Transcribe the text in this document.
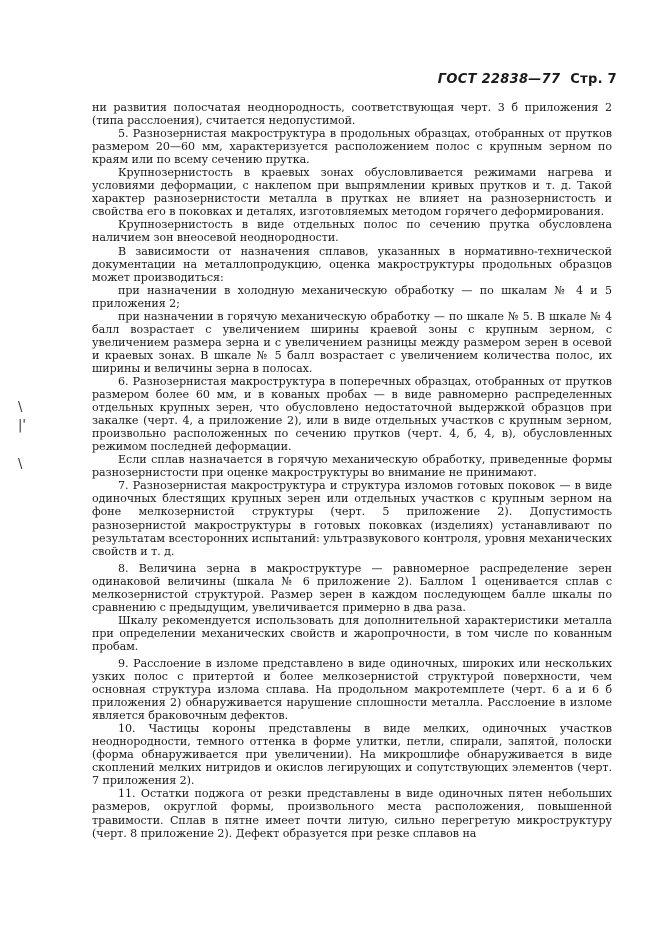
ГОСТ 22838—77 Стр. 7
\
|'
\

ни развития полосчатая неоднородность, соответствующая черт. 3 б приложения 2 (типа расслоения), считается недопустимой.

5. Разнозернистая макроструктура в продольных образцах, отобранных от прутков размером 20—60 мм, характеризуется расположением полос с крупным зерном по краям или по всему сечению прутка.

Крупнозернистость в краевых зонах обусловливается режимами нагрева и условиями деформации, с наклепом при выпрямлении кривых прутков и т. д. Такой характер разнозернистости металла в прутках не влияет на разнозернистость и свойства его в поковках и деталях, изготовляемых методом горячего деформирования.

Крупнозернистость в виде отдельных полос по сечению прутка обусловлена наличием зон внеосевой неоднородности.

В зависимости от назначения сплавов, указанных в нормативно-технической документации на металлопродукцию, оценка макроструктуры продольных образцов может производиться:

при назначении в холодную механическую обработку — по шкалам № 4 и 5 приложения 2;

при назначении в горячую механическую обработку — по шкале № 5. В шкале № 4 балл возрастает с увеличением ширины краевой зоны с крупным зерном, с увеличением размера зерна и с увеличением разницы между размером зерен в осевой и краевых зонах. В шкале № 5 балл возрастает с увеличением количества полос, их ширины и величины зерна в полосах.

6. Разнозернистая макроструктура в поперечных образцах, отобранных от прутков размером более 60 мм, и в кованых пробах — в виде равномерно распределенных отдельных крупных зерен, что обусловлено недостаточной выдержкой образцов при закалке (черт. 4, а приложение 2), или в виде отдельных участков с крупным зерном, произвольно расположенных по сечению прутков (черт. 4, б, 4, в), обусловленных режимом последней деформации.

Если сплав назначается в горячую механическую обработку, приведенные формы разнозернистости при оценке макроструктуры во внимание не принимают.

7. Разнозернистая макроструктура и структура изломов готовых поковок — в виде одиночных блестящих крупных зерен или отдельных участков с крупным зерном на фоне мелкозернистой структуры (черт. 5 приложение 2). Допустимость разнозернистой макроструктуры в готовых поковках (изделиях) устанавливают по результатам всесторонних испытаний: ультразвукового контроля, уровня механических свойств и т. д.

8. Величина зерна в макроструктуре — равномерное распределение зерен одинаковой величины (шкала № 6 приложение 2). Баллом 1 оценивается сплав с мелкозернистой структурой. Размер зерен в каждом последующем балле шкалы по сравнению с предыдущим, увеличивается примерно в два раза.

Шкалу рекомендуется использовать для дополнительной характеристики металла при определении механических свойств и жаропрочности, в том числе по кованным пробам.

9. Расслоение в изломе представлено в виде одиночных, широких или нескольких узких полос с притертой и более мелкозернистой структурой поверхности, чем основная структура излома сплава. На продольном макротемплете (черт. 6 а и 6 б приложения 2) обнаруживается нарушение сплошности металла. Расслоение в изломе является браковочным дефектов.

10. Частицы короны представлены в виде мелких, одиночных участков неоднородности, темного оттенка в форме улитки, петли, спирали, запятой, полоски (форма обнаруживается при увеличении). На микрошлифе обнаруживается в виде скоплений мелких нитридов и окислов легирующих и сопутствующих элементов (черт. 7 приложения 2).

11. Остатки поджога от резки представлены в виде одиночных пятен небольших размеров, округлой формы, произвольного места расположения, повышенной травимости. Сплав в пятне имеет почти литую, сильно перегретую микроструктуру (черт. 8 приложение 2). Дефект образуется при резке сплавов на
